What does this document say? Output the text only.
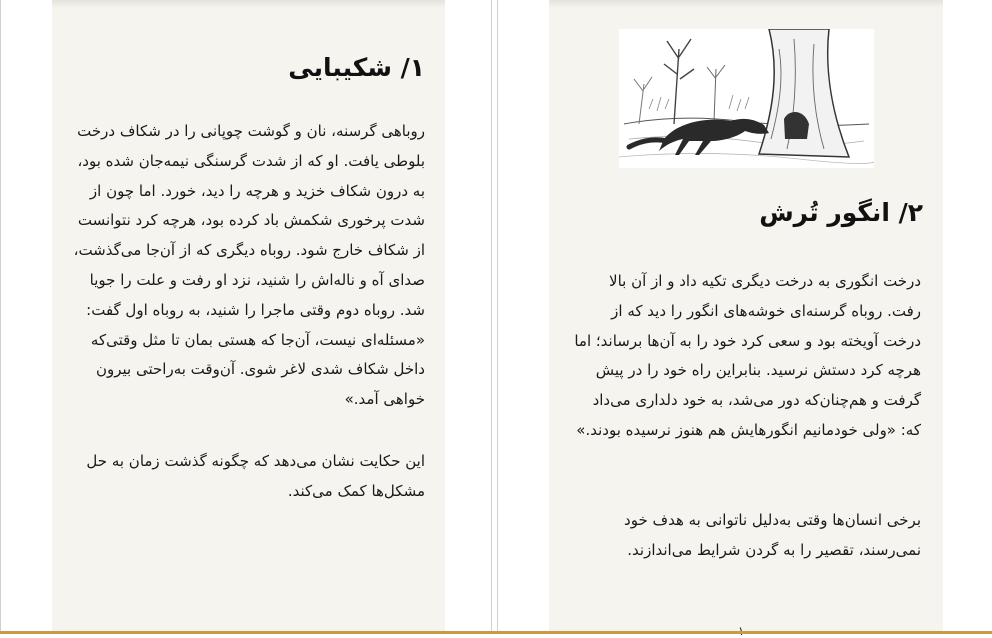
۱/ شکیبایی

روباهی گرسنه، نان و گوشت چوپانی را در شکاف درخت بلوطی یافت. او که از شدت گرسنگی نیمه‌جان شده بود، به درون شکاف خزید و هرچه را دید، خورد. اما چون از شدت پرخوری شکمش باد کرده بود، هرچه کرد نتوانست از شکاف خارج شود. روباه دیگری که از آن‌جا می‌گذشت، صدای آه و ناله‌اش را شنید، نزد او رفت و علت را جویا شد. روباه دوم وقتی ماجرا را شنید، به روباه اول گفت: «مسئله‌ای نیست، آن‌جا که هستی بمان تا مثل وقتی‌که داخل شکاف شدی لاغر شوی. آن‌وقت به‌راحتی بیرون خواهی آمد.»

این حکایت نشان می‌دهد که چگونه گذشت زمان به حل مشکل‌ها کمک می‌کند.

۲/ انگور تُرش

درخت انگوری به درخت دیگری تکیه داد و از آن بالا رفت. روباه گرسنه‌ای خوشه‌های انگور را دید که از درخت آویخته بود و سعی کرد خود را به آن‌ها برساند؛ اما هرچه کرد دستش نرسید. بنابراین راه خود را در پیش گرفت و هم‌چنان‌که دور می‌شد، به خود دلداری می‌داد که: «ولی خودمانیم انگورهایش هم هنوز نرسیده بودند.»

برخی انسان‌ها وقتی به‌دلیل ناتوانی به هدف خود نمی‌رسند، تقصیر را به گردن شرایط می‌اندازند.
